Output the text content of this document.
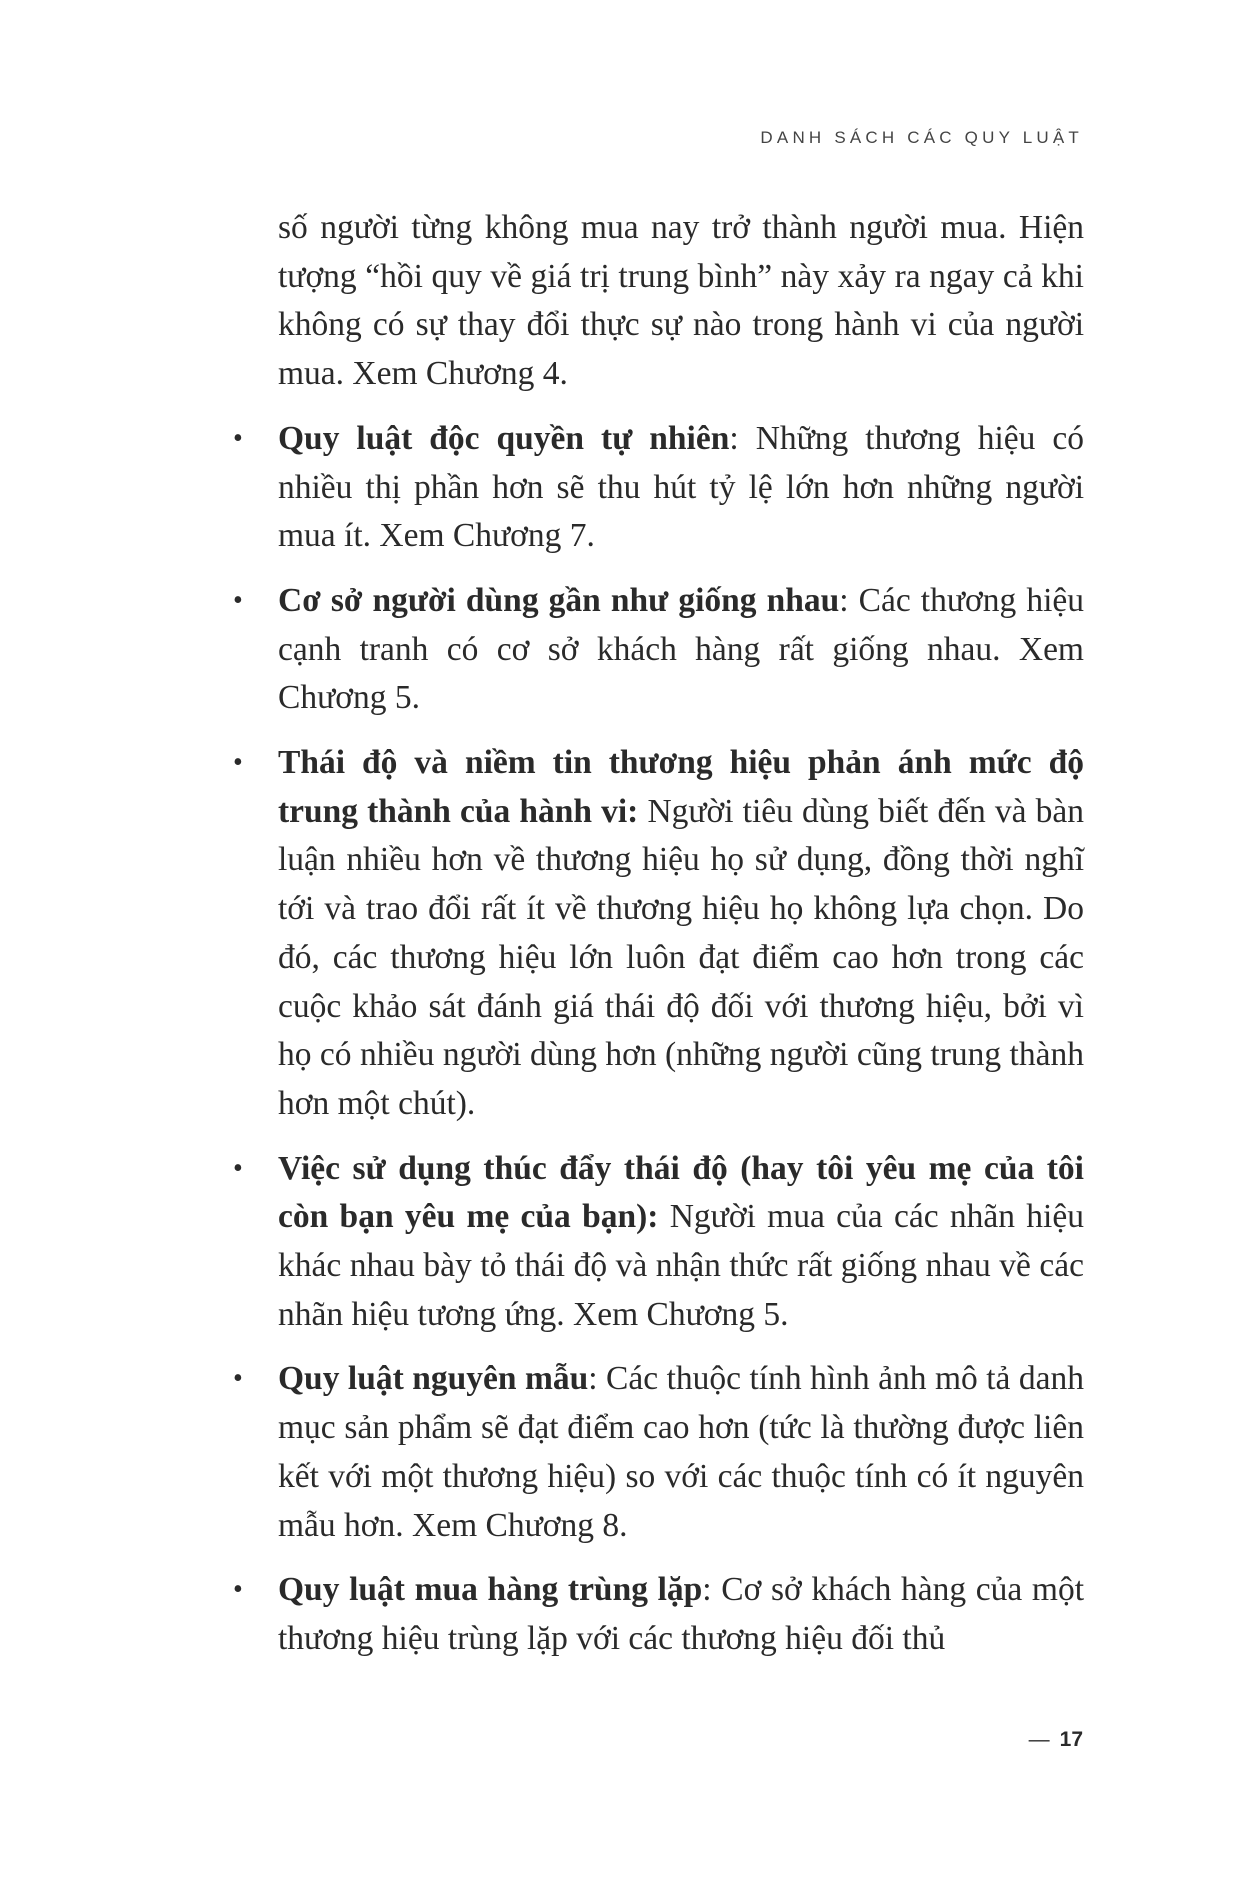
DANH SÁCH CÁC QUY LUẬT

số người từng không mua nay trở thành người mua. Hiện tượng “hồi quy về giá trị trung bình” này xảy ra ngay cả khi không có sự thay đổi thực sự nào trong hành vi của người mua. Xem Chương 4.

• Quy luật độc quyền tự nhiên: Những thương hiệu có nhiều thị phần hơn sẽ thu hút tỷ lệ lớn hơn những người mua ít. Xem Chương 7.
• Cơ sở người dùng gần như giống nhau: Các thương hiệu cạnh tranh có cơ sở khách hàng rất giống nhau. Xem Chương 5.
• Thái độ và niềm tin thương hiệu phản ánh mức độ trung thành của hành vi: Người tiêu dùng biết đến và bàn luận nhiều hơn về thương hiệu họ sử dụng, đồng thời nghĩ tới và trao đổi rất ít về thương hiệu họ không lựa chọn. Do đó, các thương hiệu lớn luôn đạt điểm cao hơn trong các cuộc khảo sát đánh giá thái độ đối với thương hiệu, bởi vì họ có nhiều người dùng hơn (những người cũng trung thành hơn một chút).
• Việc sử dụng thúc đẩy thái độ (hay tôi yêu mẹ của tôi còn bạn yêu mẹ của bạn): Người mua của các nhãn hiệu khác nhau bày tỏ thái độ và nhận thức rất giống nhau về các nhãn hiệu tương ứng. Xem Chương 5.
• Quy luật nguyên mẫu: Các thuộc tính hình ảnh mô tả danh mục sản phẩm sẽ đạt điểm cao hơn (tức là thường được liên kết với một thương hiệu) so với các thuộc tính có ít nguyên mẫu hơn. Xem Chương 8.
• Quy luật mua hàng trùng lặp: Cơ sở khách hàng của một thương hiệu trùng lặp với các thương hiệu đối thủ
— 17
